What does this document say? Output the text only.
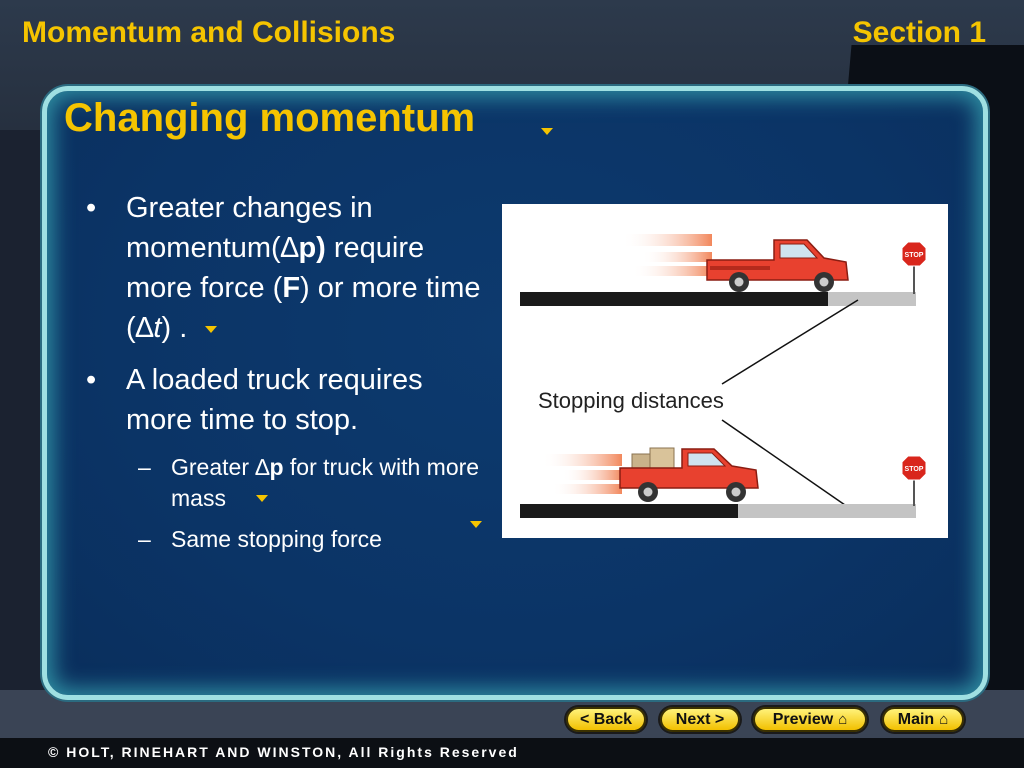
Momentum and Collisions	Section 1
Changing momentum
• Greater changes in momentum(∆p) require more force (F) or more time (∆t) .
• A loaded truck requires more time to stop.
– Greater ∆p for truck with more mass
– Same stopping force
STOP
Stopping distances
STOP
< Back	Next >	Preview ⌂	Main ⌂
© HOLT, RINEHART AND WINSTON, All Rights Reserved
